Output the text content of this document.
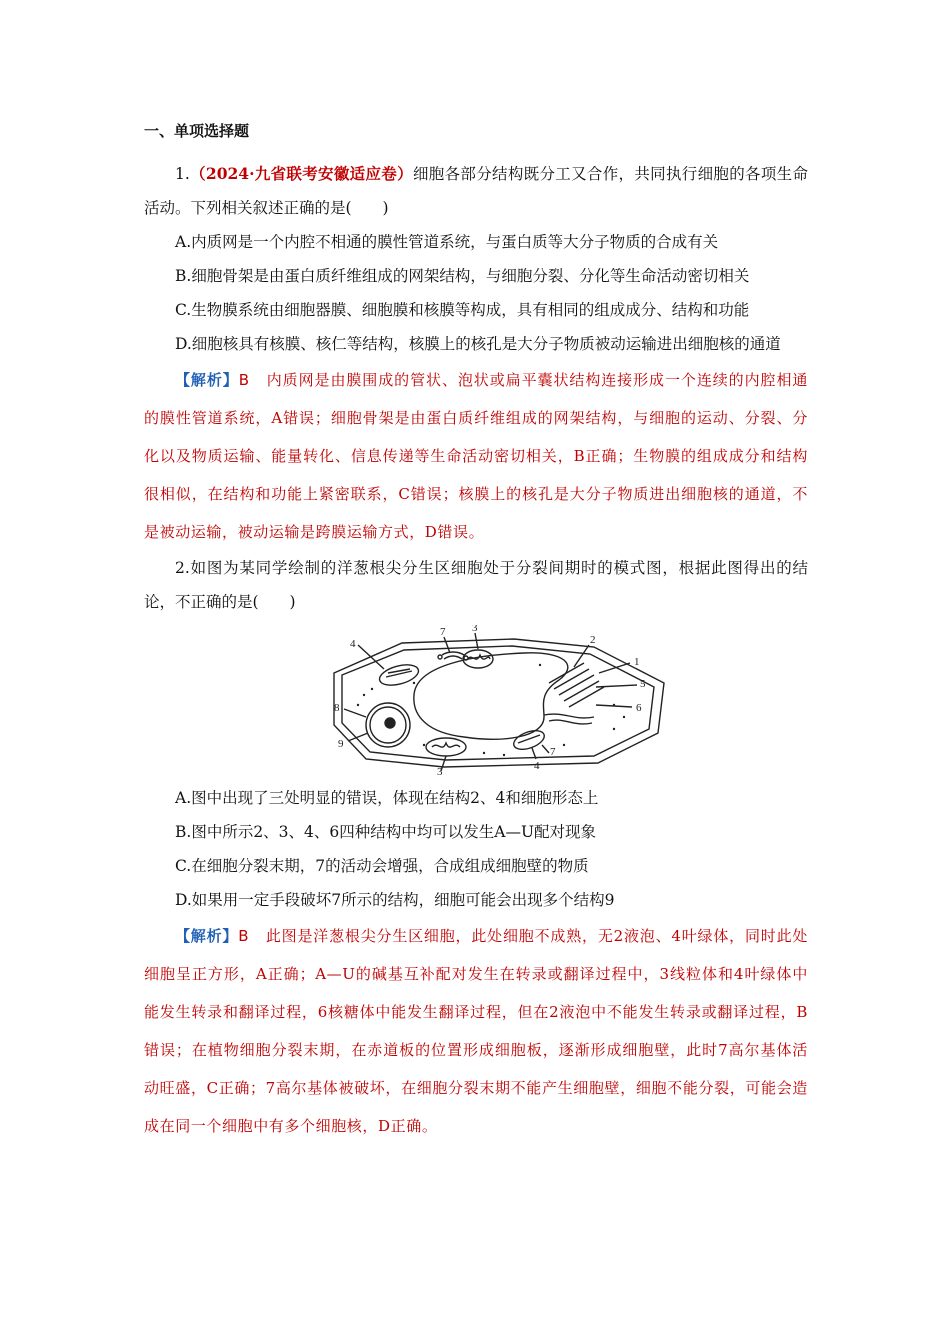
一、单项选择题
1.（2024·九省联考安徽适应卷）细胞各部分结构既分工又合作，共同执行细胞的各项生命活动。下列相关叙述正确的是(　　)
A.内质网是一个内腔不相通的膜性管道系统，与蛋白质等大分子物质的合成有关
B.细胞骨架是由蛋白质纤维组成的网架结构，与细胞分裂、分化等生命活动密切相关
C.生物膜系统由细胞器膜、细胞膜和核膜等构成，具有相同的组成成分、结构和功能
D.细胞核具有核膜、核仁等结构，核膜上的核孔是大分子物质被动运输进出细胞核的通道
【解析】B 内质网是由膜围成的管状、泡状或扁平囊状结构连接形成一个连续的内腔相通的膜性管道系统，A错误；细胞骨架是由蛋白质纤维组成的网架结构，与细胞的运动、分裂、分化以及物质运输、能量转化、信息传递等生命活动密切相关，B正确；生物膜的组成成分和结构很相似，在结构和功能上紧密联系，C错误；核膜上的核孔是大分子物质进出细胞核的通道，不是被动运输，被动运输是跨膜运输方式，D错误。
2.如图为某同学绘制的洋葱根尖分生区细胞处于分裂间期时的模式图，根据此图得出的结论，不正确的是(　　)
4
7 3
2
1
5
6
8
9
3	4
7
A.图中出现了三处明显的错误，体现在结构2、4和细胞形态上
B.图中所示2、3、4、6四种结构中均可以发生A—U配对现象
C.在细胞分裂末期，7的活动会增强，合成组成细胞壁的物质
D.如果用一定手段破坏7所示的结构，细胞可能会出现多个结构9
【解析】B 此图是洋葱根尖分生区细胞，此处细胞不成熟，无2液泡、4叶绿体，同时此处细胞呈正方形，A正确；A—U的碱基互补配对发生在转录或翻译过程中，3线粒体和4叶绿体中能发生转录和翻译过程，6核糖体中能发生翻译过程，但在2液泡中不能发生转录或翻译过程，B错误；在植物细胞分裂末期，在赤道板的位置形成细胞板，逐渐形成细胞壁，此时7高尔基体活动旺盛，C正确；7高尔基体被破坏，在细胞分裂末期不能产生细胞壁，细胞不能分裂，可能会造成在同一个细胞中有多个细胞核，D正确。
